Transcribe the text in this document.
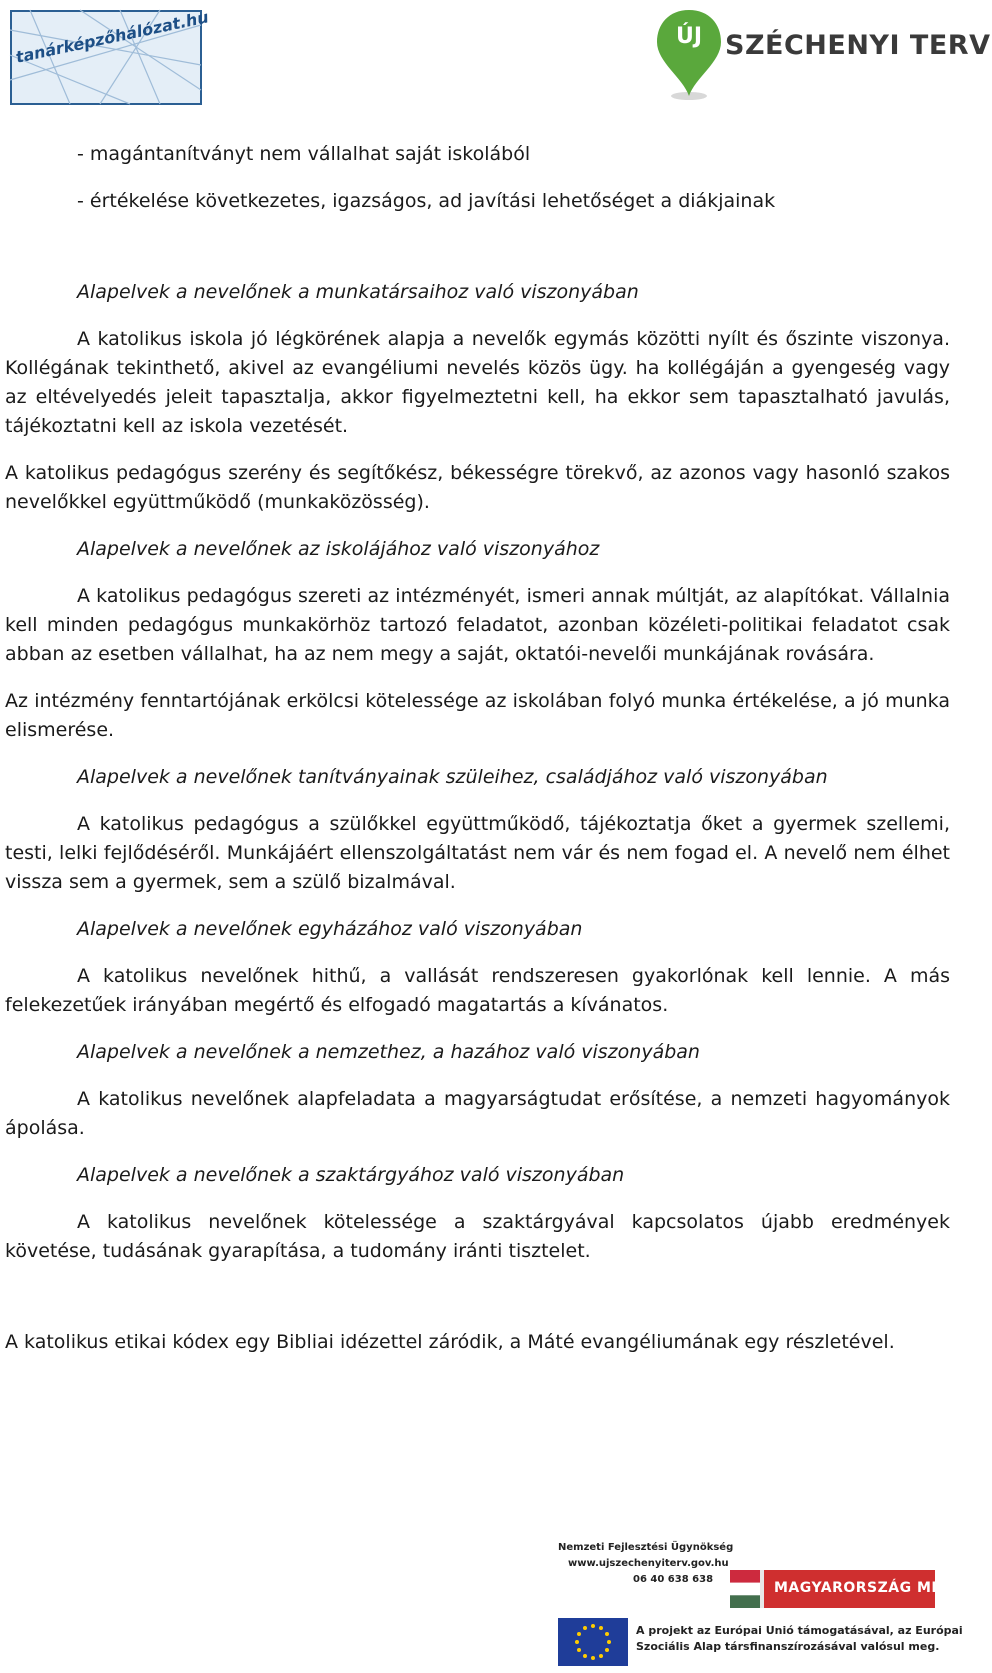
tanárképzőhálózat.hu	ÚJ SZÉCHENYI TERV

- magántanítványt nem vállalhat saját iskolából

- értékelése következetes, igazságos, ad javítási lehetőséget a diákjainak

Alapelvek a nevelőnek a munkatársaihoz való viszonyában

A katolikus iskola jó légkörének alapja a nevelők egymás közötti nyílt és őszinte viszonya. Kollégának tekinthető, akivel az evangéliumi nevelés közös ügy. ha kollégáján a gyengeség vagy az eltévelyedés jeleit tapasztalja, akkor figyelmeztetni kell, ha ekkor sem tapasztalható javulás, tájékoztatni kell az iskola vezetését.

A katolikus pedagógus szerény és segítőkész, békességre törekvő, az azonos vagy hasonló szakos nevelőkkel együttműködő (munkaközösség).

Alapelvek a nevelőnek az iskolájához való viszonyához

A katolikus pedagógus szereti az intézményét, ismeri annak múltját, az alapítókat. Vállalnia kell minden pedagógus munkakörhöz tartozó feladatot, azonban közéleti-politikai feladatot csak abban az esetben vállalhat, ha az nem megy a saját, oktatói-nevelői munkájának rovására.

Az intézmény fenntartójának erkölcsi kötelessége az iskolában folyó munka értékelése, a jó munka elismerése.

Alapelvek a nevelőnek tanítványainak szüleihez, családjához való viszonyában

A katolikus pedagógus a szülőkkel együttműködő, tájékoztatja őket a gyermek szellemi, testi, lelki fejlődéséről. Munkájáért ellenszolgáltatást nem vár és nem fogad el. A nevelő nem élhet vissza sem a gyermek, sem a szülő bizalmával.

Alapelvek a nevelőnek egyházához való viszonyában

A katolikus nevelőnek hithű, a vallását rendszeresen gyakorlónak kell lennie. A más felekezetűek irányában megértő és elfogadó magatartás a kívánatos.

Alapelvek a nevelőnek a nemzethez, a hazához való viszonyában

A katolikus nevelőnek alapfeladata a magyarságtudat erősítése, a nemzeti hagyományok ápolása.

Alapelvek a nevelőnek a szaktárgyához való viszonyában

A katolikus nevelőnek kötelessége a szaktárgyával kapcsolatos újabb eredmények követése, tudásának gyarapítása, a tudomány iránti tisztelet.

A katolikus etikai kódex egy Bibliai idézettel záródik, a Máté evangéliumának egy részletével.

Nemzeti Fejlesztési Ügynökség
www.ujszechenyiterv.gov.hu
06 40 638 638
MAGYARORSZÁG MEGÚJUL
A projekt az Európai Unió támogatásával, az Európai
Szociális Alap társfinanszírozásával valósul meg.
